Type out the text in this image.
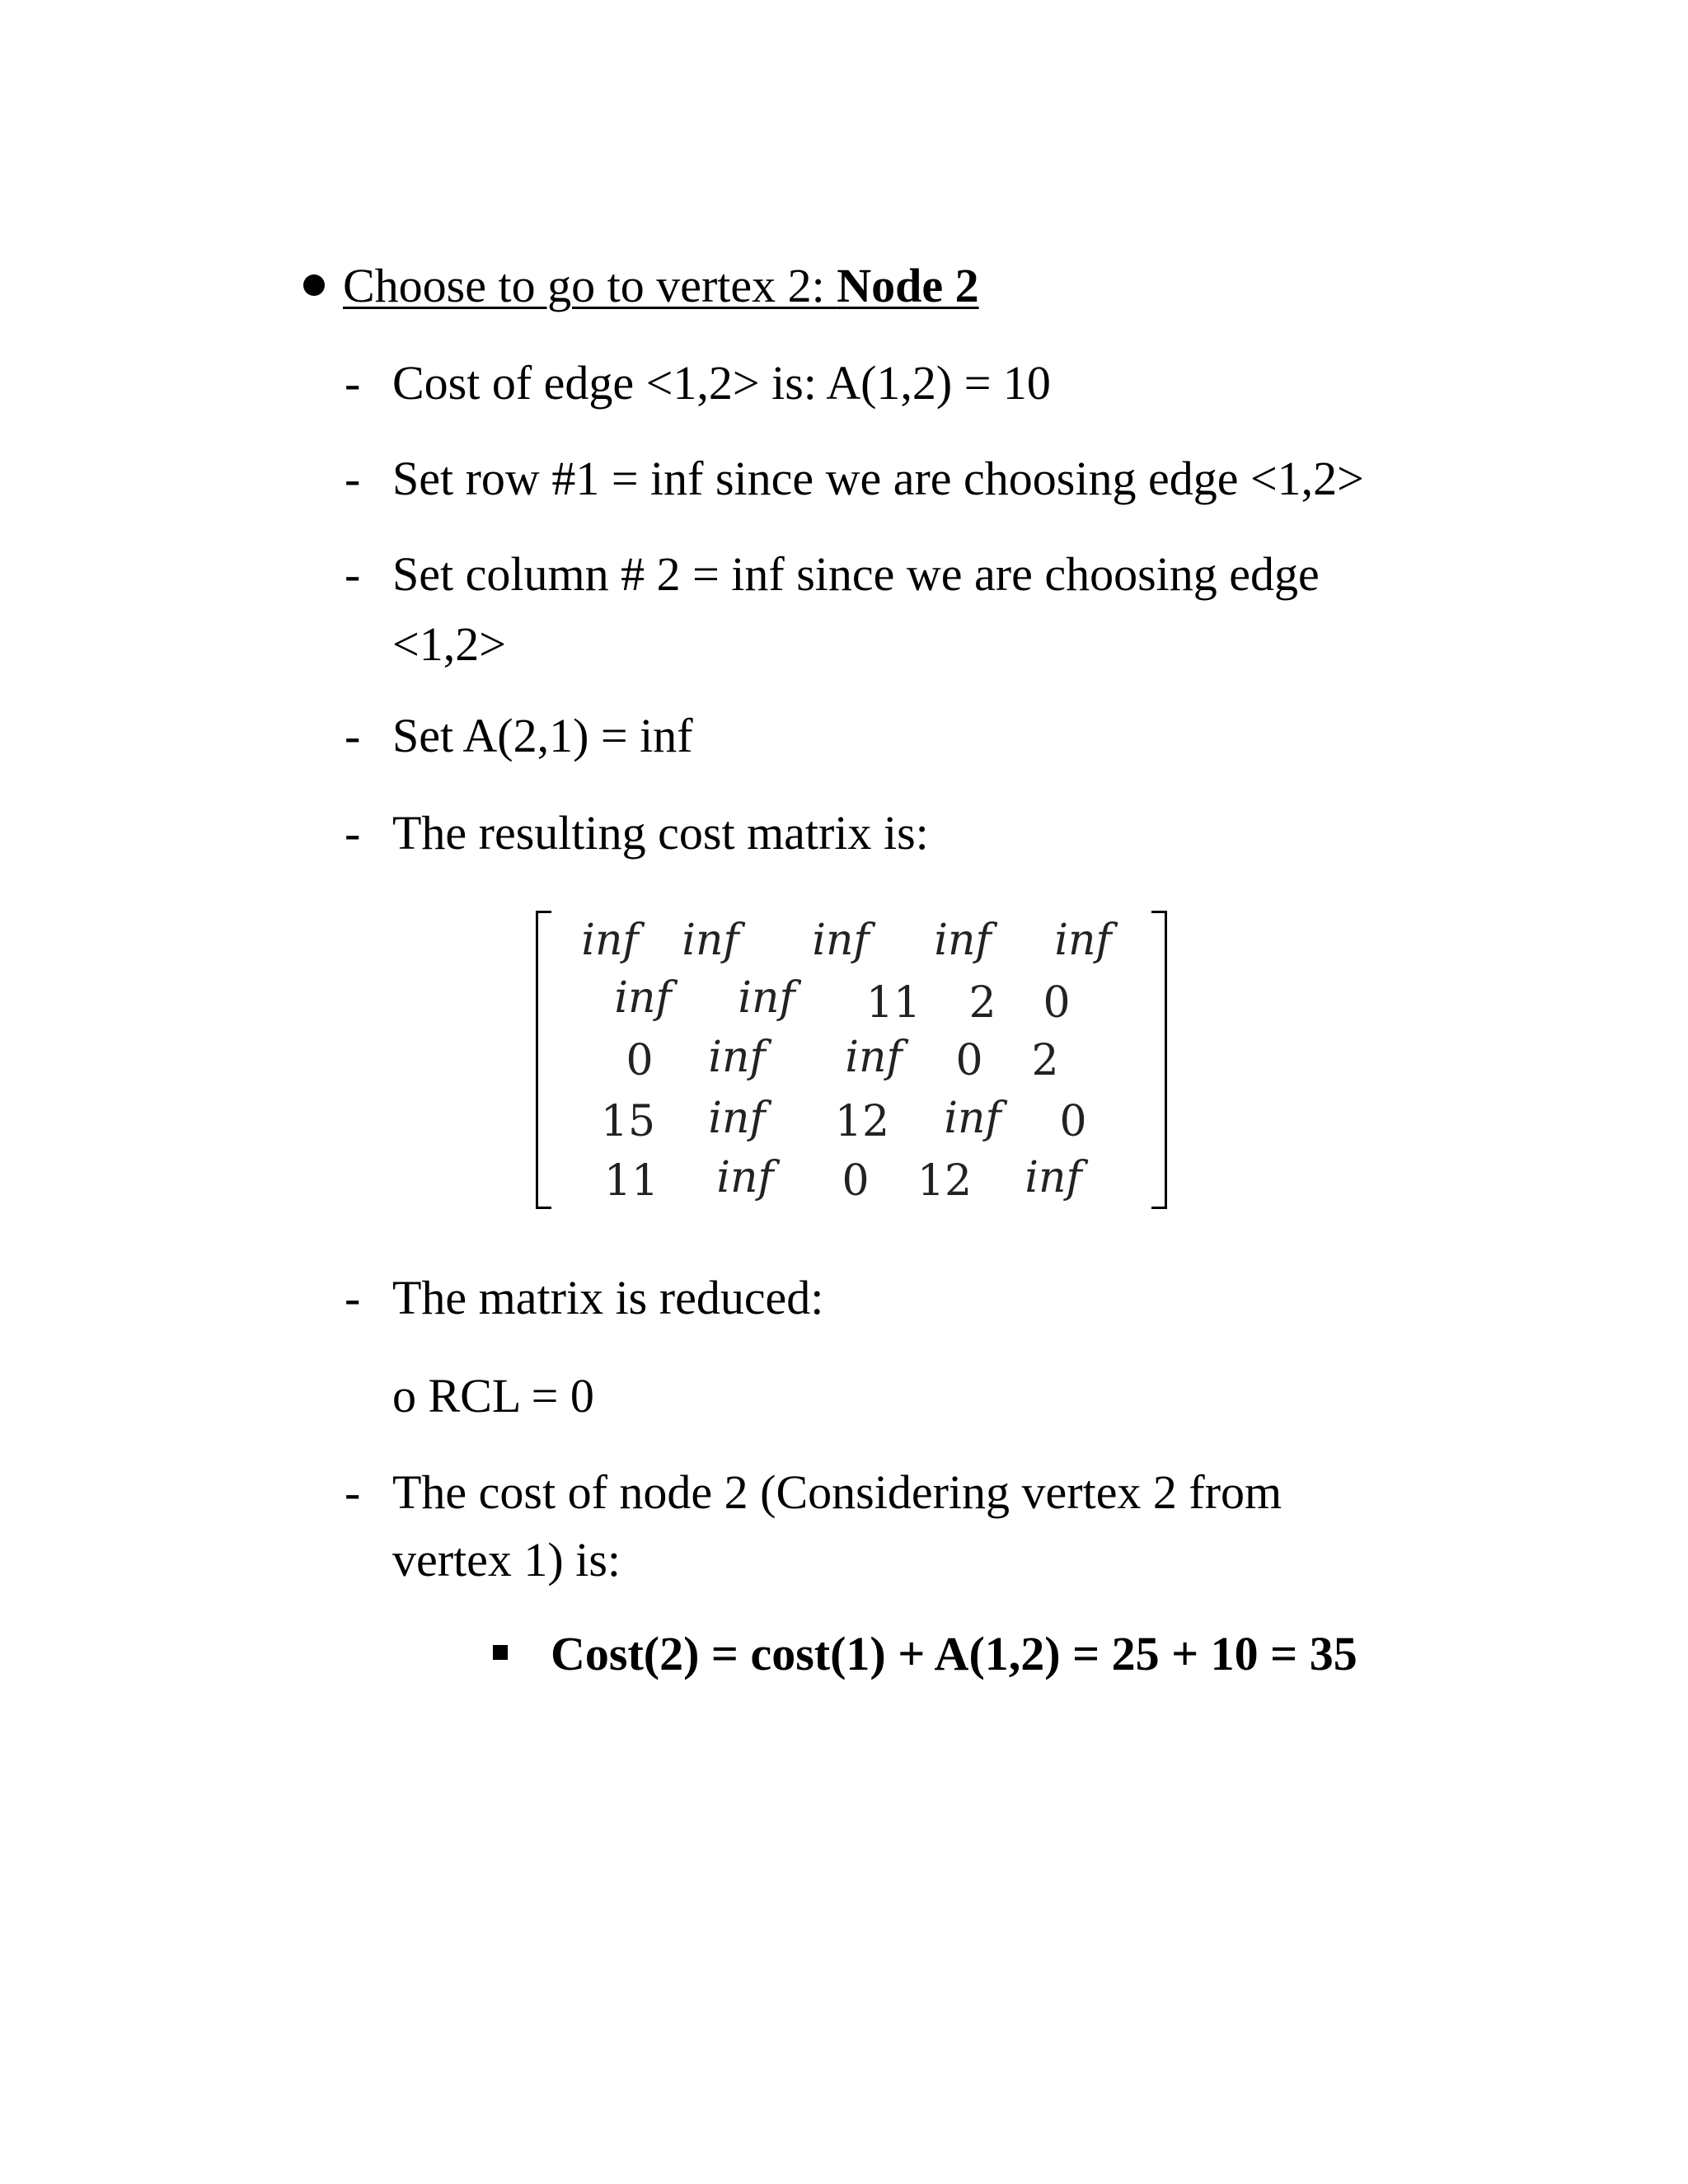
Choose to go to vertex 2: Node 2
- Cost of edge <1,2> is: A(1,2) = 10
- Set row #1 = inf since we are choosing edge <1,2>
- Set column # 2 = inf since we are choosing edge
<1,2>
- Set A(2,1) = inf
- The resulting cost matrix is:
inf inf inf inf inf
inf inf 11 2 0
0 inf inf 0 2
15 inf 12 inf 0
11 inf 0 12 inf
- The matrix is reduced:
o RCL = 0
- The cost of node 2 (Considering vertex 2 from
vertex 1) is:
Cost(2) = cost(1) + A(1,2) = 25 + 10 = 35
